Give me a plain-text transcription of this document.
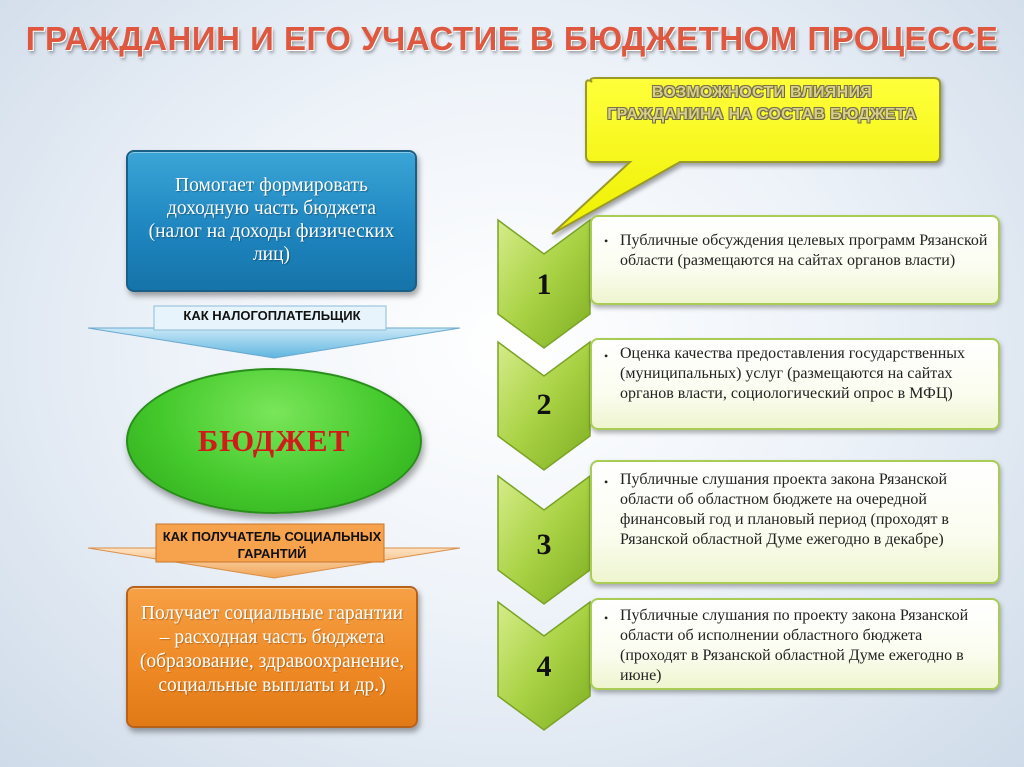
ГРАЖДАНИН И ЕГО УЧАСТИЕ В БЮДЖЕТНОМ ПРОЦЕССЕ
ВОЗМОЖНОСТИ ВЛИЯНИЯ ГРАЖДАНИНА НА СОСТАВ БЮДЖЕТА
Помогает формировать доходную часть бюджета (налог на доходы физических лиц)
КАК НАЛОГОПЛАТЕЛЬЩИК
БЮДЖЕТ
КАК ПОЛУЧАТЕЛЬ СОЦИАЛЬНЫХ ГАРАНТИЙ
Получает социальные гарантии – расходная часть бюджета (образование, здравоохранение, социальные выплаты и др.)
1
• Публичные обсуждения целевых программ Рязанской области (размещаются на сайтах органов власти)
2
• Оценка качества предоставления государственных (муниципальных) услуг (размещаются на сайтах органов власти, социологический опрос в МФЦ)
3
• Публичные слушания проекта закона Рязанской области об областном бюджете на очередной финансовый год и плановый период (проходят в Рязанской областной Думе ежегодно в декабре)
4
• Публичные слушания по проекту закона Рязанской области об исполнении областного бюджета (проходят в Рязанской областной Думе ежегодно в июне)
